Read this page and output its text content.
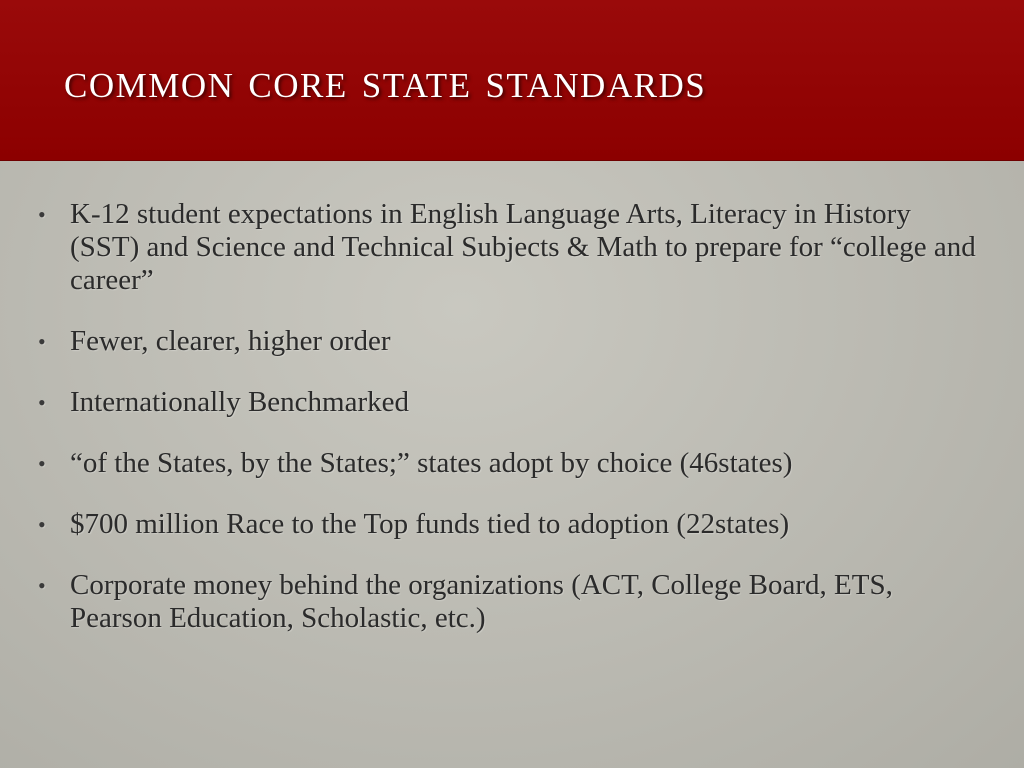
common core state standards
• K-12 student expectations in English Language Arts, Literacy in History (SST) and Science and Technical Subjects & Math to prepare for “college and career”
• Fewer, clearer, higher order
• Internationally Benchmarked
• “of the States, by the States;” states adopt by choice (46states)
• $700 million Race to the Top funds tied to adoption (22states)
• Corporate money behind the organizations (ACT, College Board, ETS, Pearson Education, Scholastic, etc.)
